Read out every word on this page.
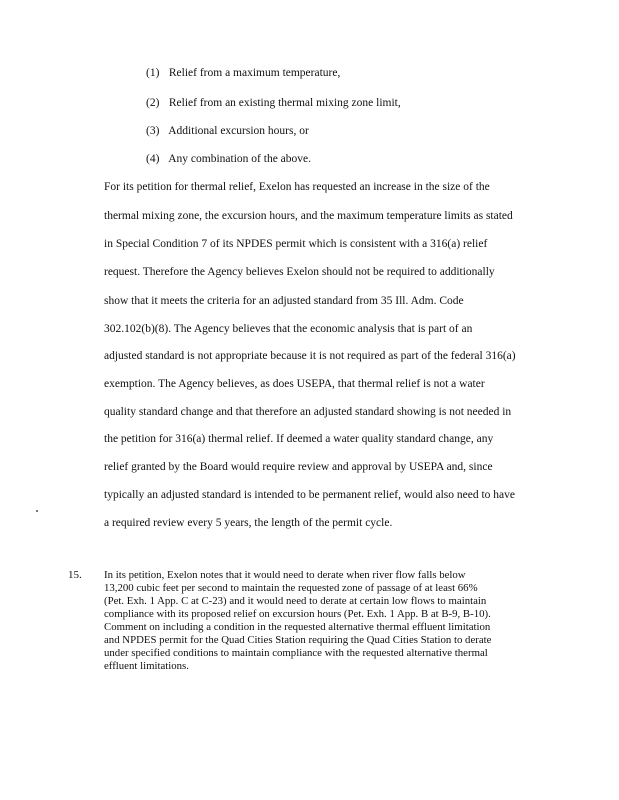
(1) Relief from a maximum temperature,
(2) Relief from an existing thermal mixing zone limit,
(3) Additional excursion hours, or
(4) Any combination of the above.
For its petition for thermal relief, Exelon has requested an increase in the size of the
thermal mixing zone, the excursion hours, and the maximum temperature limits as stated
in Special Condition 7 of its NPDES permit which is consistent with a 316(a) relief
request. Therefore the Agency believes Exelon should not be required to additionally
show that it meets the criteria for an adjusted standard from 35 Ill. Adm. Code
302.102(b)(8). The Agency believes that the economic analysis that is part of an
adjusted standard is not appropriate because it is not required as part of the federal 316(a)
exemption. The Agency believes, as does USEPA, that thermal relief is not a water
quality standard change and that therefore an adjusted standard showing is not needed in
the petition for 316(a) thermal relief. If deemed a water quality standard change, any
relief granted by the Board would require review and approval by USEPA and, since
typically an adjusted standard is intended to be permanent relief, would also need to have
a required review every 5 years, the length of the permit cycle.
15. In its petition, Exelon notes that it would need to derate when river flow falls below
13,200 cubic feet per second to maintain the requested zone of passage of at least 66%
(Pet. Exh. 1 App. C at C-23) and it would need to derate at certain low flows to maintain
compliance with its proposed relief on excursion hours (Pet. Exh. 1 App. B at B-9, B-10).
Comment on including a condition in the requested alternative thermal effluent limitation
and NPDES permit for the Quad Cities Station requiring the Quad Cities Station to derate
under specified conditions to maintain compliance with the requested alternative thermal
effluent limitations.
